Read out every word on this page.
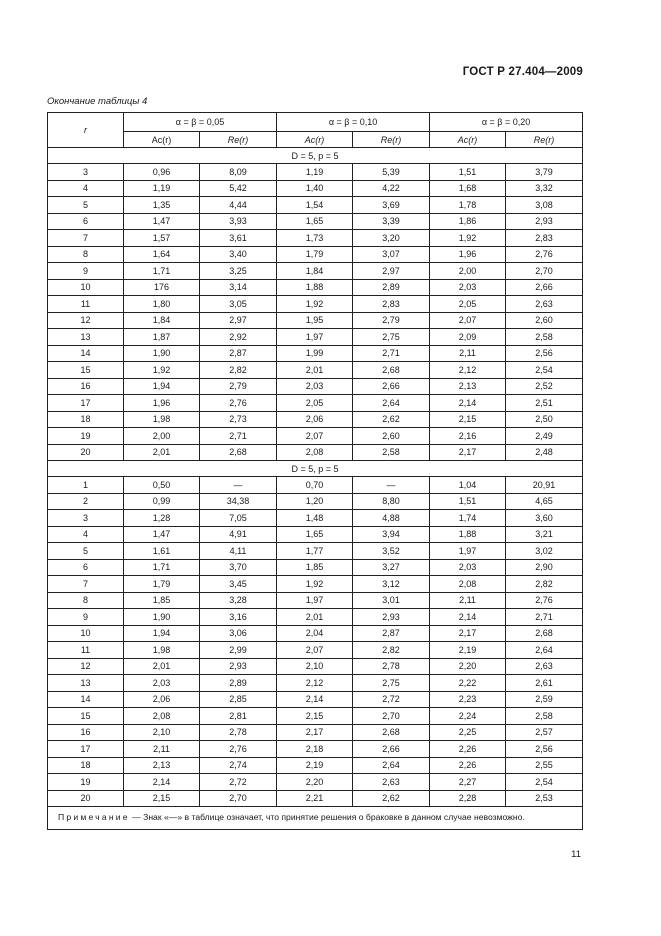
ГОСТ Р 27.404—2009
Окончание таблицы 4
r	α = β = 0,05		α = β = 0,10		α = β = 0,20	
	Ac(r)	Re(r)	Ac(r)	Re(r)	Ac(r)	Re(r)
D = 5, p = 5						
3	0,96	8,09	1,19	5,39	1,51	3,79
4	1,19	5,42	1,40	4,22	1,68	3,32
5	1,35	4,44	1,54	3,69	1,78	3,08
6	1,47	3,93	1,65	3,39	1,86	2,93
7	1,57	3,61	1,73	3,20	1,92	2,83
8	1,64	3,40	1,79	3,07	1,96	2,76
9	1,71	3,25	1,84	2,97	2,00	2,70
10	176	3,14	1,88	2,89	2,03	2,66
11	1,80	3,05	1,92	2,83	2,05	2,63
12	1,84	2,97	1,95	2,79	2,07	2,60
13	1,87	2,92	1,97	2,75	2,09	2,58
14	1,90	2,87	1,99	2,71	2,11	2,56
15	1,92	2,82	2,01	2,68	2,12	2,54
16	1,94	2,79	2,03	2,66	2,13	2,52
17	1,96	2,76	2,05	2,64	2,14	2,51
18	1,98	2,73	2,06	2,62	2,15	2,50
19	2,00	2,71	2,07	2,60	2,16	2,49
20	2,01	2,68	2,08	2,58	2,17	2,48
D = 5, p = 5						
1	0,50	—	0,70	—	1,04	20,91
2	0,99	34,38	1,20	8,80	1,51	4,65
3	1,28	7,05	1,48	4,88	1,74	3,60
4	1,47	4,91	1,65	3,94	1,88	3,21
5	1,61	4,11	1,77	3,52	1,97	3,02
6	1,71	3,70	1,85	3,27	2,03	2,90
7	1,79	3,45	1,92	3,12	2,08	2,82
8	1,85	3,28	1,97	3,01	2,11	2,76
9	1,90	3,16	2,01	2,93	2,14	2,71
10	1,94	3,06	2,04	2,87	2,17	2,68
11	1,98	2,99	2,07	2,82	2,19	2,64
12	2,01	2,93	2,10	2,78	2,20	2,63
13	2,03	2,89	2,12	2,75	2,22	2,61
14	2,06	2,85	2,14	2,72	2,23	2,59
15	2,08	2,81	2,15	2,70	2,24	2,58
16	2,10	2,78	2,17	2,68	2,25	2,57
17	2,11	2,76	2,18	2,66	2,26	2,56
18	2,13	2,74	2,19	2,64	2,26	2,55
19	2,14	2,72	2,20	2,63	2,27	2,54
20	2,15	2,70	2,21	2,62	2,28	2,53
Примечание — Знак «—» в таблице означает, что принятие решения о браковке в данном случае невозможно.						
11
